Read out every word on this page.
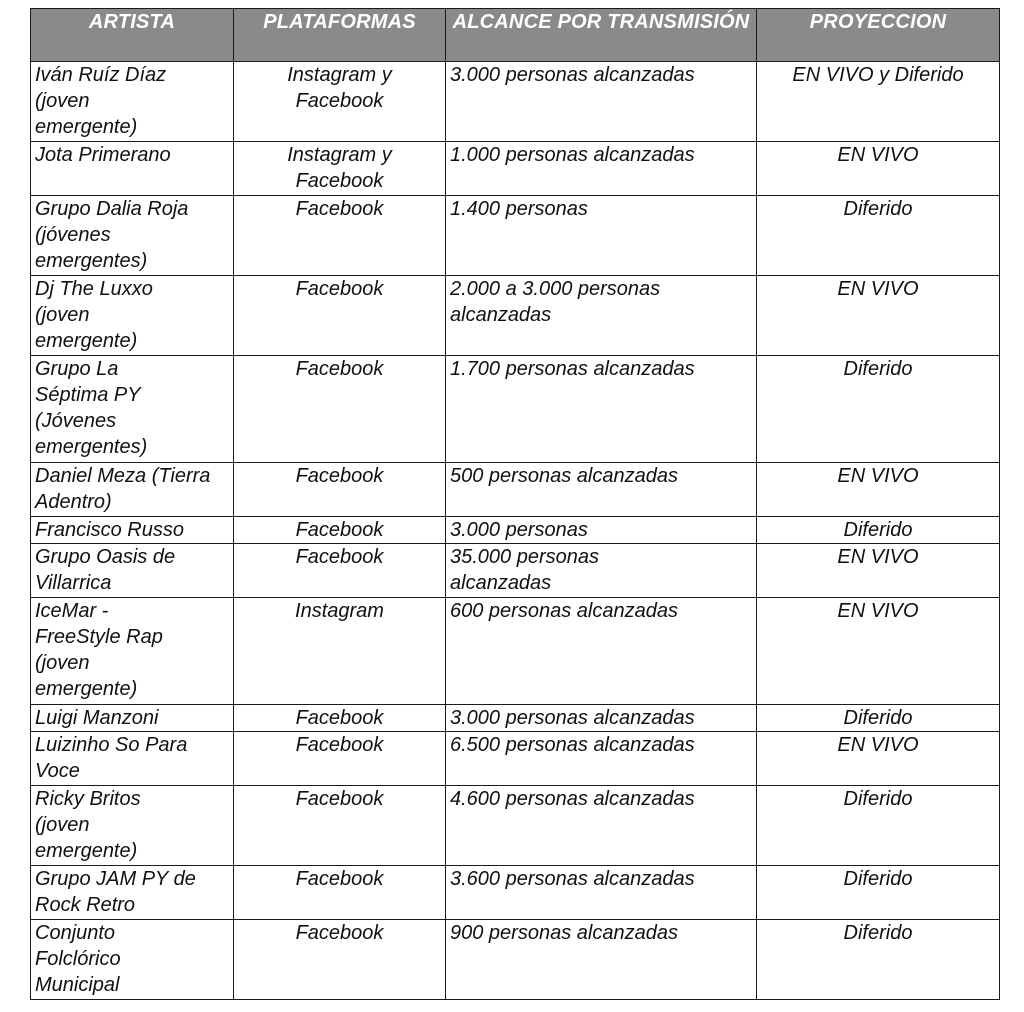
ARTISTA	PLATAFORMAS	ALCANCE POR TRANSMISIÓN	PROYECCION
Iván Ruíz Díaz (joven emergente)	Instagram y Facebook	3.000 personas alcanzadas	EN VIVO y Diferido
Jota Primerano	Instagram y Facebook	1.000 personas alcanzadas	EN VIVO
Grupo Dalia Roja (jóvenes emergentes)	Facebook	1.400 personas	Diferido
Dj The Luxxo (joven emergente)	Facebook	2.000 a 3.000 personas alcanzadas	EN VIVO
Grupo La Séptima PY (Jóvenes emergentes)	Facebook	1.700 personas alcanzadas	Diferido
Daniel Meza (Tierra Adentro)	Facebook	500 personas alcanzadas	EN VIVO
Francisco Russo	Facebook	3.000 personas	Diferido
Grupo Oasis de Villarrica	Facebook	35.000 personas alcanzadas	EN VIVO
IceMar - FreeStyle Rap (joven emergente)	Instagram	600 personas alcanzadas	EN VIVO
Luigi Manzoni	Facebook	3.000 personas alcanzadas	Diferido
Luizinho So Para Voce	Facebook	6.500 personas alcanzadas	EN VIVO
Ricky Britos (joven emergente)	Facebook	4.600 personas alcanzadas	Diferido
Grupo JAM PY de Rock Retro	Facebook	3.600 personas alcanzadas	Diferido
Conjunto Folclórico Municipal	Facebook	900 personas alcanzadas	Diferido
